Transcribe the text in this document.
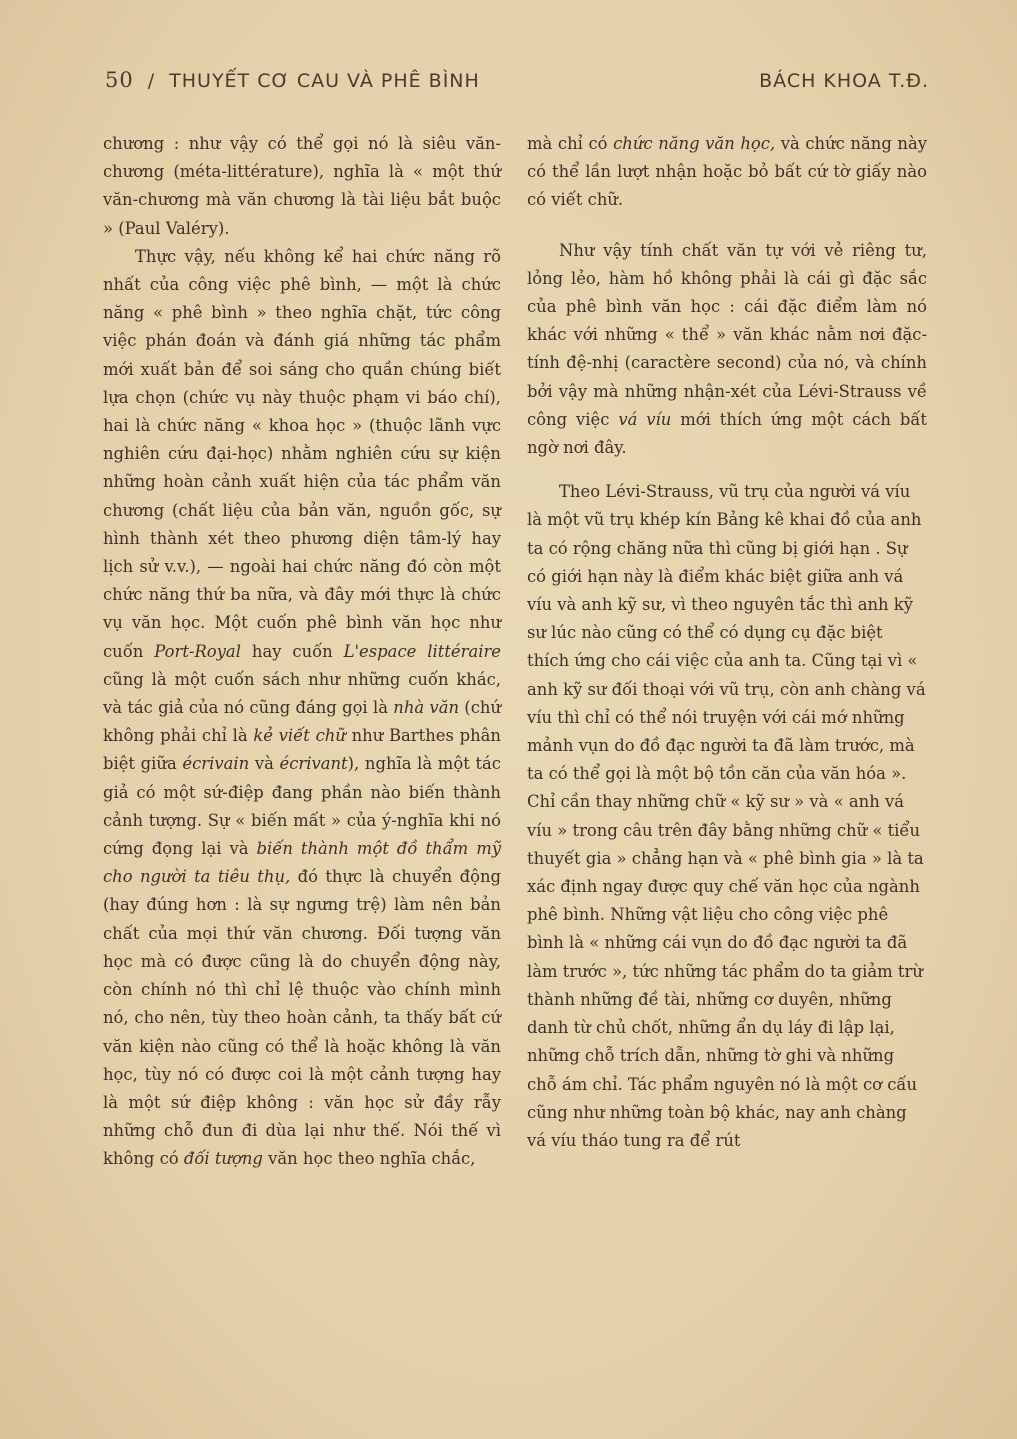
50 / THUYẾT CƠ CAU VÀ PHÊ BÌNH	BÁCH KHOA T.Đ.

chương : như vậy có thể gọi nó là siêu văn-chương (méta-littérature), nghĩa là « một thứ văn-chương mà văn chương là tài liệu bắt buộc » (Paul Valéry).

Thực vậy, nếu không kể hai chức năng rõ nhất của công việc phê bình, — một là chức năng « phê bình » theo nghĩa chặt, tức công việc phán đoán và đánh giá những tác phẩm mới xuất bản để soi sáng cho quần chúng biết lựa chọn (chức vụ này thuộc phạm vi báo chí), hai là chức năng « khoa học » (thuộc lãnh vực nghiên cứu đại-học) nhằm nghiên cứu sự kiện những hoàn cảnh xuất hiện của tác phẩm văn chương (chất liệu của bản văn, nguồn gốc, sự hình thành xét theo phương diện tâm-lý hay lịch sử v.v.), — ngoài hai chức năng đó còn một chức năng thứ ba nữa, và đây mới thực là chức vụ văn học. Một cuốn phê bình văn học như cuốn Port-Royal hay cuốn L'espace littéraire cũng là một cuốn sách như những cuốn khác, và tác giả của nó cũng đáng gọi là nhà văn (chứ không phải chỉ là kẻ viết chữ như Barthes phân biệt giữa écrivain và écrivant), nghĩa là một tác giả có một sứ-điệp đang phần nào biến thành cảnh tượng. Sự « biến mất » của ý-nghĩa khi nó cứng đọng lại và biến thành một đồ thẩm mỹ cho người ta tiêu thụ, đó thực là chuyển động (hay đúng hơn : là sự ngưng trệ) làm nên bản chất của mọi thứ văn chương. Đối tượng văn học mà có được cũng là do chuyển động này, còn chính nó thì chỉ lệ thuộc vào chính mình nó, cho nên, tùy theo hoàn cảnh, ta thấy bất cứ văn kiện nào cũng có thể là hoặc không là văn học, tùy nó có được coi là một cảnh tượng hay là một sứ điệp không : văn học sử đầy rẫy những chỗ đun đi dùa lại như thế. Nói thế vì không có đối tượng văn học theo nghĩa chắc,

mà chỉ có chức năng văn học, và chức năng này có thể lần lượt nhận hoặc bỏ bất cứ tờ giấy nào có viết chữ.

Như vậy tính chất văn tự với vẻ riêng tư, lỏng lẻo, hàm hồ không phải là cái gì đặc sắc của phê bình văn học : cái đặc điểm làm nó khác với những « thể » văn khác nằm nơi đặc-tính đệ-nhị (caractère second) của nó, và chính bởi vậy mà những nhận-xét của Lévi-Strauss về công việc vá víu mới thích ứng một cách bất ngờ nơi đây.

Theo Lévi-Strauss, vũ trụ của người vá víu là một vũ trụ khép kín Bảng kê khai đồ của anh ta có rộng chăng nữa thì cũng bị giới hạn . Sự có giới hạn này là điểm khác biệt giữa anh vá víu và anh kỹ sư, vì theo nguyên tắc thì anh kỹ sư lúc nào cũng có thể có dụng cụ đặc biệt thích ứng cho cái việc của anh ta. Cũng tại vì « anh kỹ sư đối thoại với vũ trụ, còn anh chàng vá víu thì chỉ có thể nói truyện với cái mớ những mảnh vụn do đồ đạc người ta đã làm trước, mà ta có thể gọi là một bộ tồn căn của văn hóa ». Chỉ cần thay những chữ « kỹ sư » và « anh vá víu » trong câu trên đây bằng những chữ « tiểu thuyết gia » chẳng hạn và « phê bình gia » là ta xác định ngay được quy chế văn học của ngành phê bình. Những vật liệu cho công việc phê bình là « những cái vụn do đồ đạc người ta đã làm trước », tức những tác phẩm do ta giảm trừ thành những đề tài, những cơ duyên, những danh từ chủ chốt, những ẩn dụ láy đi lập lại, những chỗ trích dẫn, những tờ ghi và những chỗ ám chỉ. Tác phẩm nguyên nó là một cơ cấu cũng như những toàn bộ khác, nay anh chàng vá víu tháo tung ra để rút
